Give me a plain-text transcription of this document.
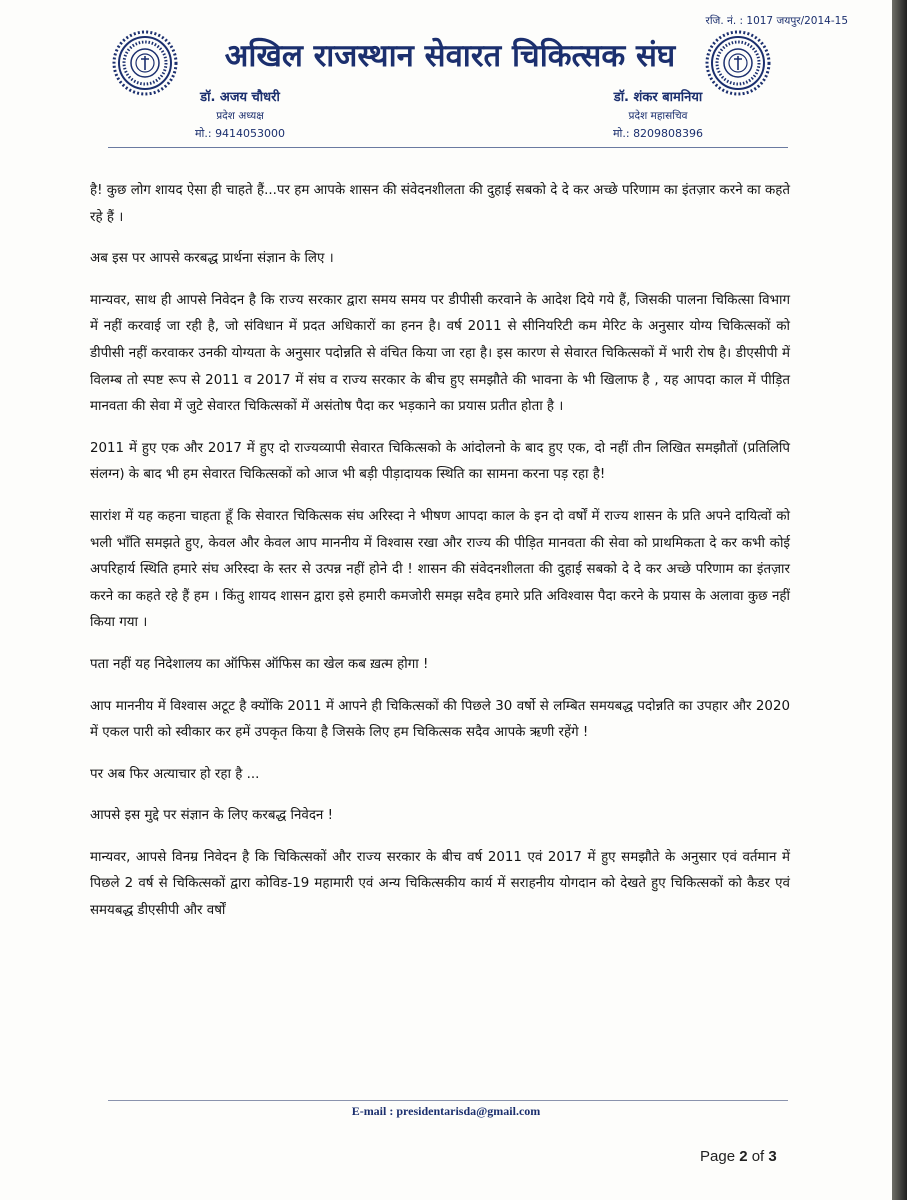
रजि. नं. : 1017 जयपुर/2014-15
अखिल राजस्थान सेवारत चिकित्सक संघ
डॉ. अजय चौधरी
प्रदेश अध्यक्ष
मो.: 9414053000
डॉ. शंकर बामनिया
प्रदेश महासचिव
मो.: 8209808396

है! कुछ लोग शायद ऐसा ही चाहते हैं...पर हम आपके शासन की संवेदनशीलता की दुहाई सबको दे दे कर अच्छे परिणाम का इंतज़ार करने का कहते रहे हैं ।

अब इस पर आपसे करबद्ध प्रार्थना संज्ञान के लिए ।

मान्यवर, साथ ही आपसे निवेदन है कि राज्य सरकार द्वारा समय समय पर डीपीसी करवाने के आदेश दिये गये हैं, जिसकी पालना चिकित्सा विभाग में नहीं करवाई जा रही है, जो संविधान में प्रदत अधिकारों का हनन है। वर्ष 2011 से सीनियरिटी कम मेरिट के अनुसार योग्य चिकित्सकों को डीपीसी नहीं करवाकर उनकी योग्यता के अनुसार पदोन्नति से वंचित किया जा रहा है। इस कारण से सेवारत चिकित्सकों में भारी रोष है। डीएसीपी में विलम्ब तो स्पष्ट रूप से 2011 व 2017 में संघ व राज्य सरकार के बीच हुए समझौते की भावना के भी खिलाफ है , यह आपदा काल में पीड़ित मानवता की सेवा में जुटे सेवारत चिकित्सकों में असंतोष पैदा कर भड़काने का प्रयास प्रतीत होता है ।

2011 में हुए एक और 2017 में हुए दो राज्यव्यापी सेवारत चिकित्सको के आंदोलनो के बाद हुए एक, दो नहीं तीन लिखित समझौतों (प्रतिलिपि संलग्न) के बाद भी हम सेवारत चिकित्सकों को आज भी बड़ी पीड़ादायक स्थिति का सामना करना पड़ रहा है!

सारांश में यह कहना चाहता हूँ कि सेवारत चिकित्सक संघ अरिस्दा ने भीषण आपदा काल के इन दो वर्षों में राज्य शासन के प्रति अपने दायित्वों को भली भाँति समझते हुए, केवल और केवल आप माननीय में विश्वास रखा और राज्य की पीड़ित मानवता की सेवा को प्राथमिकता दे कर कभी कोई अपरिहार्य स्थिति हमारे संघ अरिस्दा के स्तर से उत्पन्न नहीं होने दी ! शासन की संवेदनशीलता की दुहाई सबको दे दे कर अच्छे परिणाम का इंतज़ार करने का कहते रहे हैं हम । किंतु शायद शासन द्वारा इसे हमारी कमजोरी समझ सदैव हमारे प्रति अविश्वास पैदा करने के प्रयास के अलावा कुछ नहीं किया गया ।

पता नहीं यह निदेशालय का ऑफिस ऑफिस का खेल कब ख़त्म होगा !

आप माननीय में विश्वास अटूट है क्योंकि 2011 में आपने ही चिकित्सकों की पिछले 30 वर्षो से लम्बित समयबद्ध पदोन्नति का उपहार और 2020 में एकल पारी को स्वीकार कर हमें उपकृत किया है जिसके लिए हम चिकित्सक सदैव आपके ऋणी रहेंगे !

पर अब फिर अत्याचार हो रहा है ...

आपसे इस मुद्दे पर संज्ञान के लिए करबद्ध निवेदन !

मान्यवर, आपसे विनम्र निवेदन है कि चिकित्सकों और राज्य सरकार के बीच वर्ष 2011 एवं 2017 में हुए समझौते के अनुसार एवं वर्तमान में पिछले 2 वर्ष से चिकित्सकों द्वारा कोविड-19 महामारी एवं अन्य चिकित्सकीय कार्य में सराहनीय योगदान को देखते हुए चिकित्सकों को कैडर एवं समयबद्ध डीएसीपी और वर्षों

E-mail : presidentarisda@gmail.com
Page 2 of 3
